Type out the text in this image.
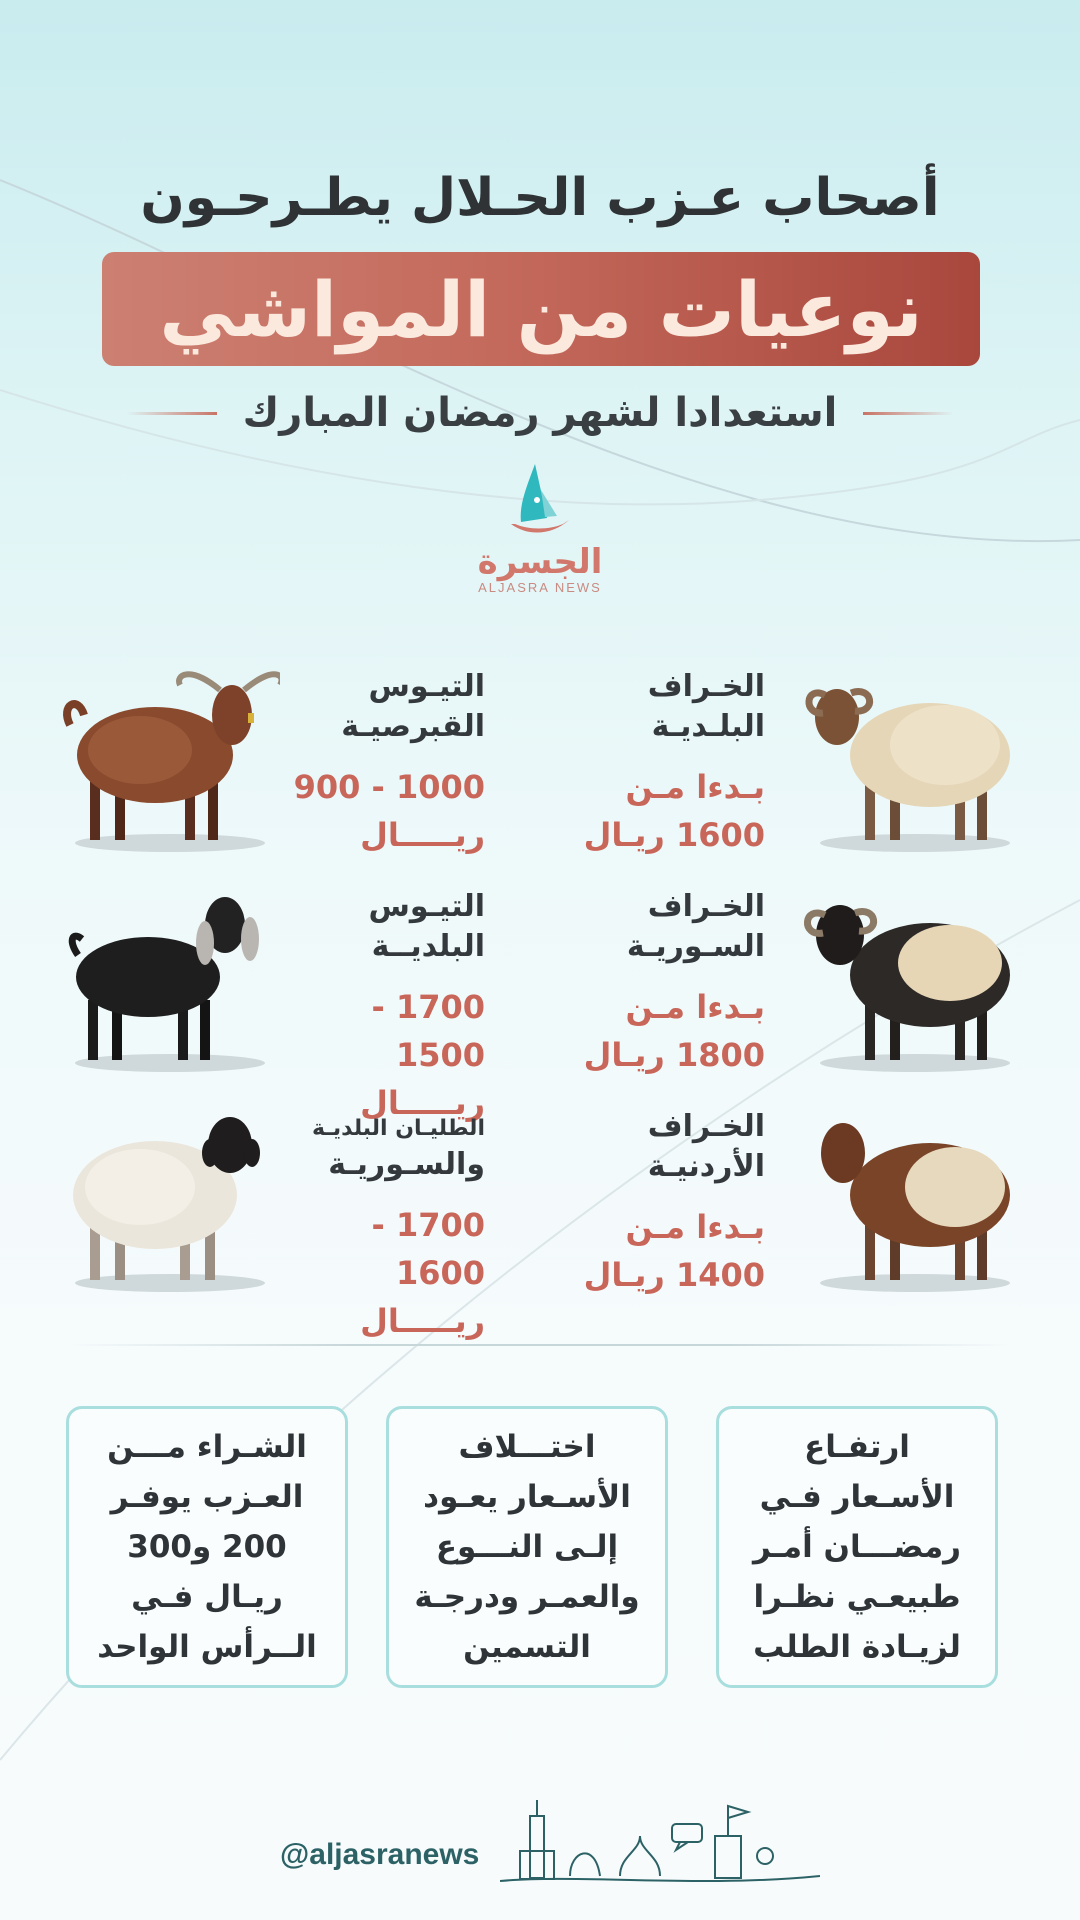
أصحاب عـزب الحـلال يطـرحـون
نوعيات من المواشي
استعدادا لشهر رمضان المبارك
الجسرة
ALJASRA NEWS
الخـراف
البلـديـة
بـدءا مـن
1600 ريـال
التيـوس
القبرصيـة
1000 - 900
ريـــــال
الخـراف
السـوريـة
بـدءا مـن
1800 ريـال
التيـوس
البلديــة
1700 - 1500
ريـــــال
الخـراف
الأردنيـة
بـدءا مـن
1400 ريـال
الطليـان البلديـة
والسـوريـة
1700 - 1600
ريـــــال
ارتفـاع الأسـعار فـي رمضـــان أمـر طبيعـي نظـرا لزيـادة الطلب
اختـــلاف الأسـعار يعـود إلـى النـــوع والعمـر ودرجـة التسمين
الشـراء مـــن العـزب يوفـر 200 و300 ريـال فـي الــرأس الواحد
@aljasranews
